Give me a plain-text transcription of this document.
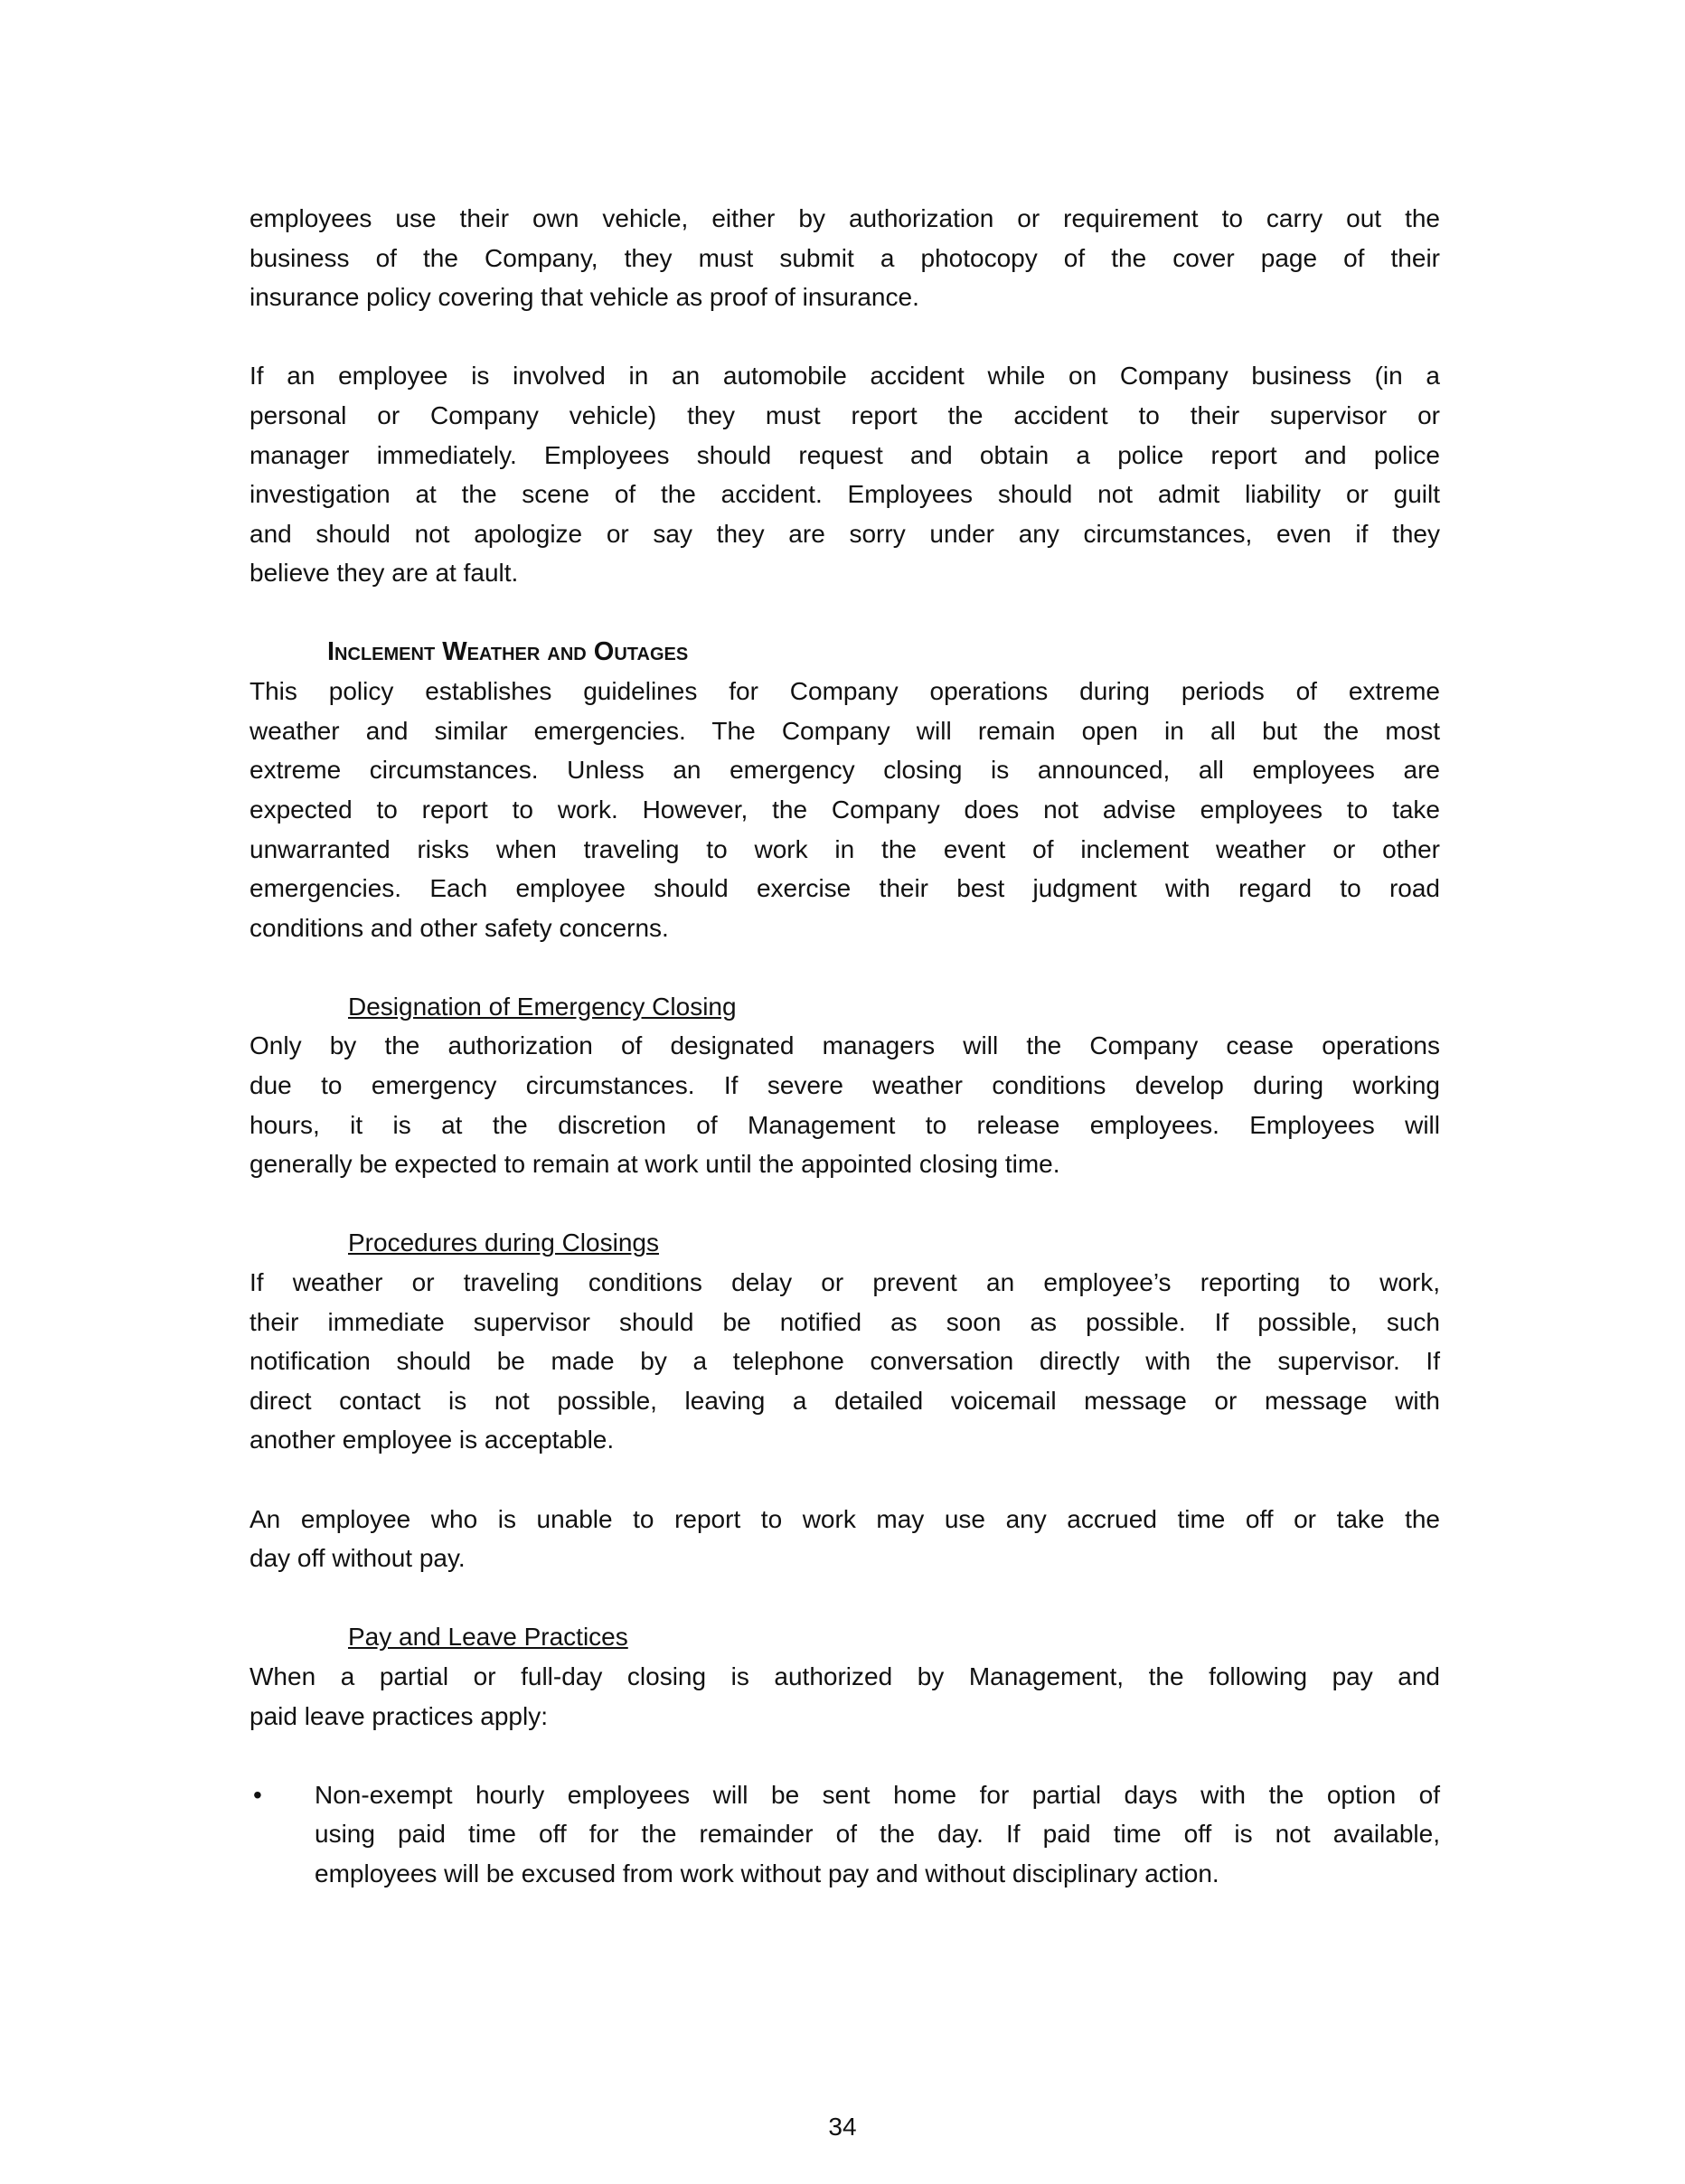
employees use their own vehicle, either by authorization or requirement to carry out the
business of the Company, they must submit a photocopy of the cover page of their
insurance policy covering that vehicle as proof of insurance.
If an employee is involved in an automobile accident while on Company business (in a
personal or Company vehicle) they must report the accident to their supervisor or
manager immediately. Employees should request and obtain a police report and police
investigation at the scene of the accident. Employees should not admit liability or guilt
and should not apologize or say they are sorry under any circumstances, even if they
believe they are at fault.
Inclement Weather and Outages
This policy establishes guidelines for Company operations during periods of extreme
weather and similar emergencies. The Company will remain open in all but the most
extreme circumstances. Unless an emergency closing is announced, all employees are
expected to report to work. However, the Company does not advise employees to take
unwarranted risks when traveling to work in the event of inclement weather or other
emergencies. Each employee should exercise their best judgment with regard to road
conditions and other safety concerns.
Designation of Emergency Closing
Only by the authorization of designated managers will the Company cease operations
due to emergency circumstances. If severe weather conditions develop during working
hours, it is at the discretion of Management to release employees. Employees will
generally be expected to remain at work until the appointed closing time.
Procedures during Closings
If weather or traveling conditions delay or prevent an employee’s reporting to work,
their immediate supervisor should be notified as soon as possible. If possible, such
notification should be made by a telephone conversation directly with the supervisor. If
direct contact is not possible, leaving a detailed voicemail message or message with
another employee is acceptable.
An employee who is unable to report to work may use any accrued time off or take the
day off without pay.
Pay and Leave Practices
When a partial or full-day closing is authorized by Management, the following pay and
paid leave practices apply:
• Non-exempt hourly employees will be sent home for partial days with the option of
using paid time off for the remainder of the day. If paid time off is not available,
employees will be excused from work without pay and without disciplinary action.
34
